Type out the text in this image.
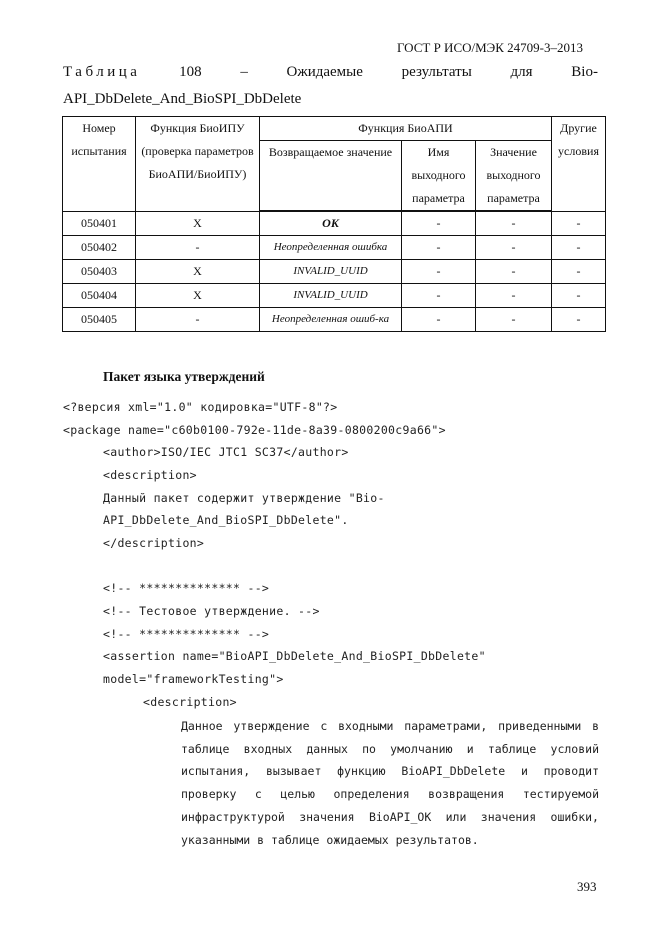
ГОСТ Р ИСО/МЭК 24709-3–2013
Таблица	108	–	Ожидаемые	результаты	для	Bio-
API_DbDelete_And_BioSPI_DbDelete
Номер испытания	Функция БиоИПУ (проверка параметров БиоАПИ/БиоИПУ)	Функция БиоАПИ			Другие условия
		Возвращаемое значение	Имя выходного параметра	Значение выходного параметра	
050401	X	OK	-	-	-
050402	-	Неопределенная ошибка	-	-	-
050403	X	INVALID_UUID	-	-	-
050404	X	INVALID_UUID	-	-	-
050405	-	Неопределенная ошиб-ка	-	-	-
Пакет языка утверждений
<?версия xml="1.0" кодировка="UTF-8"?>
<package name="c60b0100-792e-11de-8a39-0800200c9a66">
<author>ISO/IEC JTC1 SC37</author>
<description>
Данный пакет содержит утверждение "Bio-
API_DbDelete_And_BioSPI_DbDelete".
</description>
<!-- ************** -->
<!-- Тестовое утверждение. -->
<!-- ************** -->
<assertion name="BioAPI_DbDelete_And_BioSPI_DbDelete"
model="frameworkTesting">
<description>
Данное утверждение с входными параметрами, приведенными в таблице входных данных по умолчанию и таблице условий испытания, вызывает функцию BioAPI_DbDelete и проводит проверку с целью определения возвращения тестируемой инфраструктурой значения BioAPI_OK или значения ошибки, указанными в таблице ожидаемых результатов.
393
